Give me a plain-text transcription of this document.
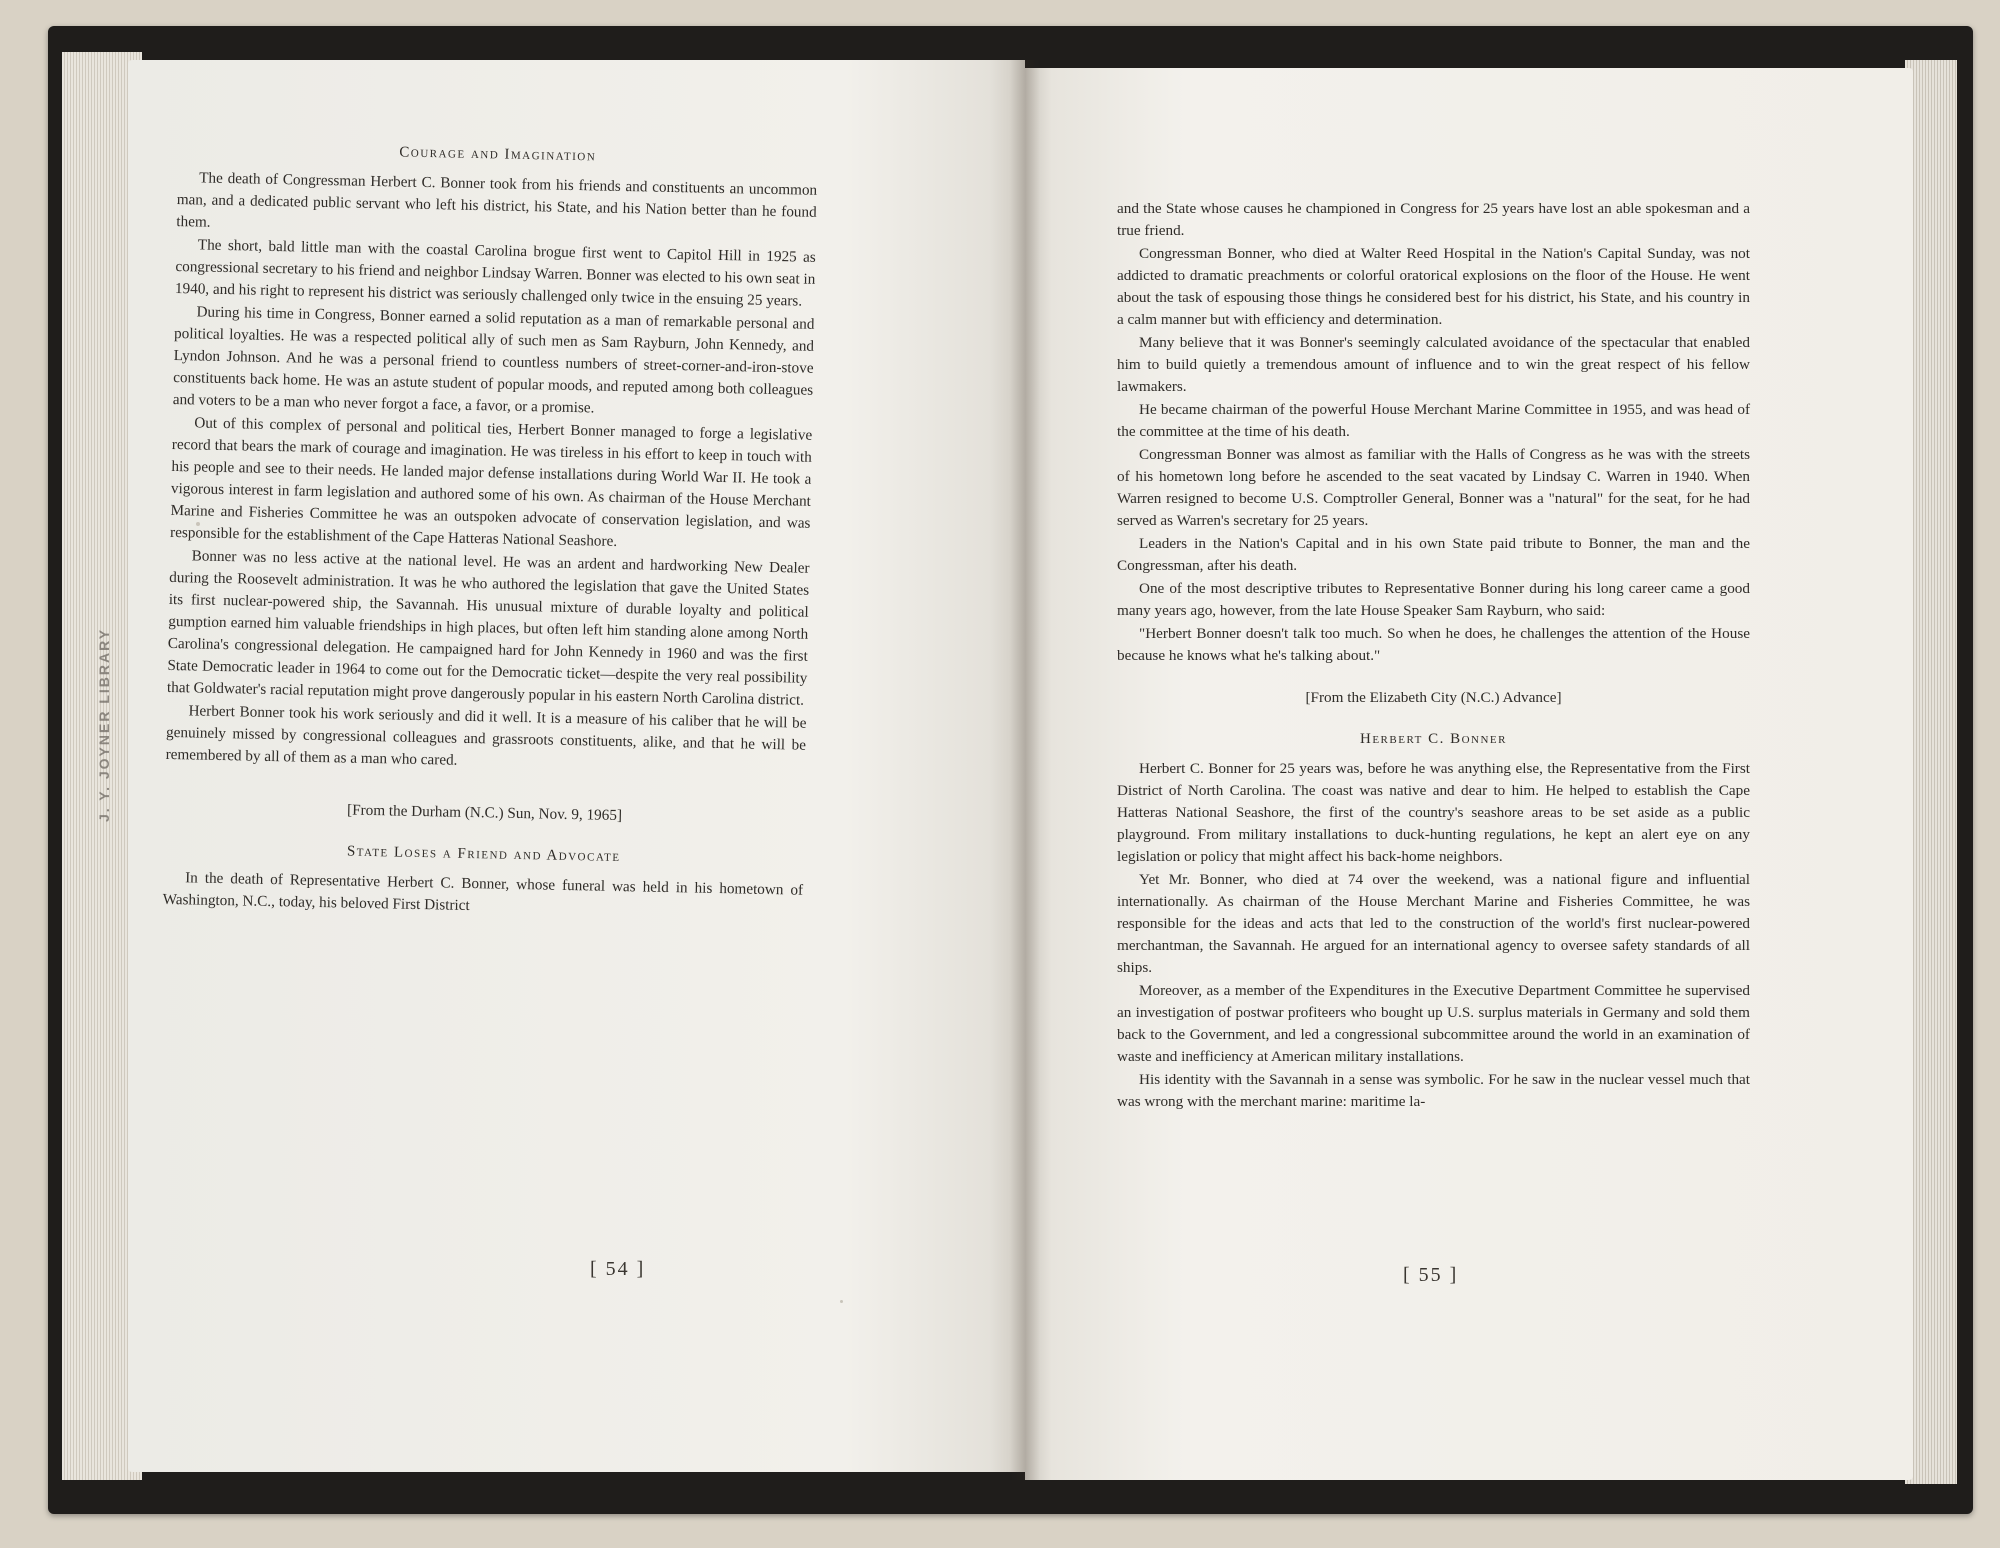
J. Y. JOYNER LIBRARY
Courage and Imagination

The death of Congressman Herbert C. Bonner took from his friends and constituents an uncommon man, and a dedicated public servant who left his district, his State, and his Nation better than he found them.

The short, bald little man with the coastal Carolina brogue first went to Capitol Hill in 1925 as congressional secretary to his friend and neighbor Lindsay Warren. Bonner was elected to his own seat in 1940, and his right to represent his district was seriously challenged only twice in the ensuing 25 years.

During his time in Congress, Bonner earned a solid reputation as a man of remarkable personal and political loyalties. He was a respected political ally of such men as Sam Rayburn, John Kennedy, and Lyndon Johnson. And he was a personal friend to countless numbers of street-corner-and-iron-stove constituents back home. He was an astute student of popular moods, and reputed among both colleagues and voters to be a man who never forgot a face, a favor, or a promise.

Out of this complex of personal and political ties, Herbert Bonner managed to forge a legislative record that bears the mark of courage and imagination. He was tireless in his effort to keep in touch with his people and see to their needs. He landed major defense installations during World War II. He took a vigorous interest in farm legislation and authored some of his own. As chairman of the House Merchant Marine and Fisheries Committee he was an outspoken advocate of conservation legislation, and was responsible for the establishment of the Cape Hatteras National Seashore.

Bonner was no less active at the national level. He was an ardent and hardworking New Dealer during the Roosevelt administration. It was he who authored the legislation that gave the United States its first nuclear-powered ship, the Savannah. His unusual mixture of durable loyalty and political gumption earned him valuable friendships in high places, but often left him standing alone among North Carolina's congressional delegation. He campaigned hard for John Kennedy in 1960 and was the first State Democratic leader in 1964 to come out for the Democratic ticket—despite the very real possibility that Goldwater's racial reputation might prove dangerously popular in his eastern North Carolina district.

Herbert Bonner took his work seriously and did it well. It is a measure of his caliber that he will be genuinely missed by congressional colleagues and grassroots constituents, alike, and that he will be remembered by all of them as a man who cared.

[From the Durham (N.C.) Sun, Nov. 9, 1965]
State Loses a Friend and Advocate

In the death of Representative Herbert C. Bonner, whose funeral was held in his hometown of Washington, N.C., today, his beloved First District

[ 54 ]

and the State whose causes he championed in Congress for 25 years have lost an able spokesman and a true friend.

Congressman Bonner, who died at Walter Reed Hospital in the Nation's Capital Sunday, was not addicted to dramatic preachments or colorful oratorical explosions on the floor of the House. He went about the task of espousing those things he considered best for his district, his State, and his country in a calm manner but with efficiency and determination.

Many believe that it was Bonner's seemingly calculated avoidance of the spectacular that enabled him to build quietly a tremendous amount of influence and to win the great respect of his fellow lawmakers.

He became chairman of the powerful House Merchant Marine Committee in 1955, and was head of the committee at the time of his death.

Congressman Bonner was almost as familiar with the Halls of Congress as he was with the streets of his hometown long before he ascended to the seat vacated by Lindsay C. Warren in 1940. When Warren resigned to become U.S. Comptroller General, Bonner was a "natural" for the seat, for he had served as Warren's secretary for 25 years.

Leaders in the Nation's Capital and in his own State paid tribute to Bonner, the man and the Congressman, after his death.

One of the most descriptive tributes to Representative Bonner during his long career came a good many years ago, however, from the late House Speaker Sam Rayburn, who said:

"Herbert Bonner doesn't talk too much. So when he does, he challenges the attention of the House because he knows what he's talking about."

[From the Elizabeth City (N.C.) Advance]
Herbert C. Bonner

Herbert C. Bonner for 25 years was, before he was anything else, the Representative from the First District of North Carolina. The coast was native and dear to him. He helped to establish the Cape Hatteras National Seashore, the first of the country's seashore areas to be set aside as a public playground. From military installations to duck-hunting regulations, he kept an alert eye on any legislation or policy that might affect his back-home neighbors.

Yet Mr. Bonner, who died at 74 over the weekend, was a national figure and influential internationally. As chairman of the House Merchant Marine and Fisheries Committee, he was responsible for the ideas and acts that led to the construction of the world's first nuclear-powered merchantman, the Savannah. He argued for an international agency to oversee safety standards of all ships.

Moreover, as a member of the Expenditures in the Executive Department Committee he supervised an investigation of postwar profiteers who bought up U.S. surplus materials in Germany and sold them back to the Government, and led a congressional subcommittee around the world in an examination of waste and inefficiency at American military installations.

His identity with the Savannah in a sense was symbolic. For he saw in the nuclear vessel much that was wrong with the merchant marine: maritime la-

[ 55 ]
